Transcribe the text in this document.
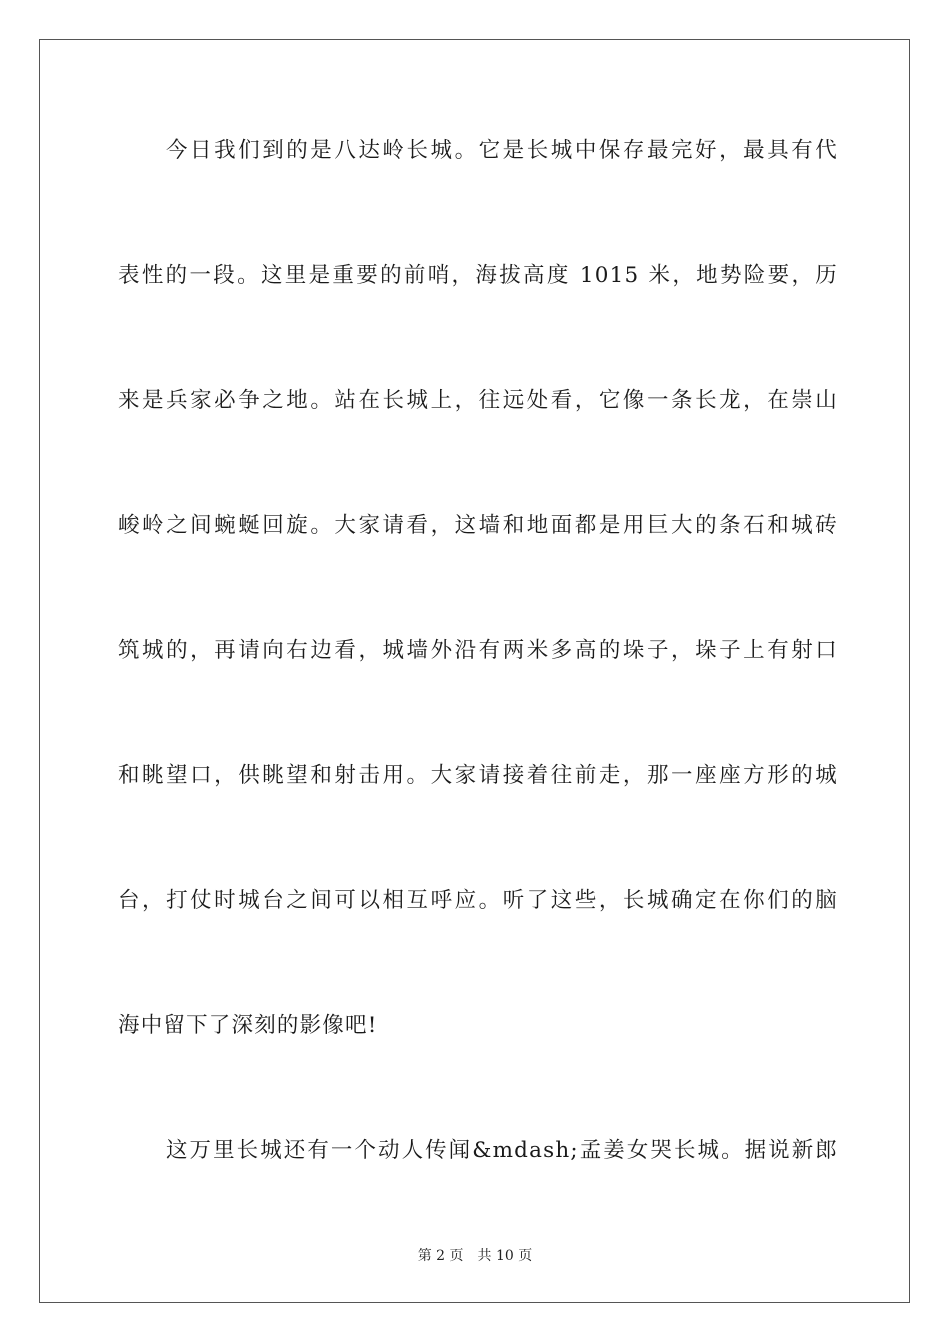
今日我们到的是八达岭长城。它是长城中保存最完好，最具有代
表性的一段。这里是重要的前哨，海拔高度 1015 米，地势险要，历
来是兵家必争之地。站在长城上，往远处看，它像一条长龙，在崇山
峻岭之间蜿蜒回旋。大家请看，这墙和地面都是用巨大的条石和城砖
筑城的，再请向右边看，城墙外沿有两米多高的垛子，垛子上有射口
和眺望口，供眺望和射击用。大家请接着往前走，那一座座方形的城
台，打仗时城台之间可以相互呼应。听了这些，长城确定在你们的脑
海中留下了深刻的影像吧!
这万里长城还有一个动人传闻&mdash;孟姜女哭长城。据说新郎
第 2 页 共 10 页
